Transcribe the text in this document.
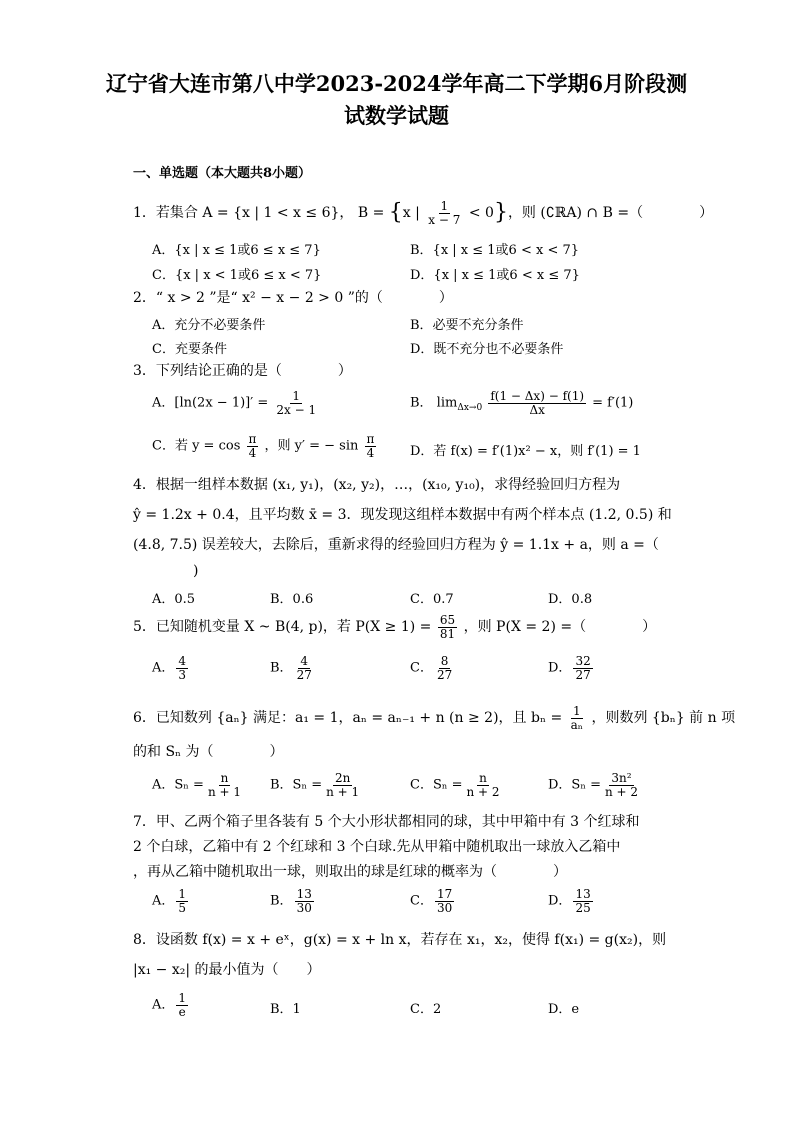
辽宁省大连市第八中学2023-2024学年高二下学期6月阶段测试数学试题
一、单选题（本大题共8小题）
1．若集合 A = {x | 1 < x ≤ 6}， B = {x | $\frac{1}{x - 7} < 0$}，则 (∁ℝA) ∩ B =（　　　　）
A．{x | x ≤ 1或6 ≤ x ≤ 7}	B．{x | x ≤ 1或6 < x < 7}
C．{x | x < 1或6 ≤ x < 7}	D．{x | x ≤ 1或6 < x ≤ 7}
2．“ x > 2 ”是“ x² − x − 2 > 0 ”的（　　　　）
A．充分不必要条件	B．必要不充分条件
C．充要条件	D．既不充分也不必要条件
3．下列结论正确的是（　　　　）
A．$[\ln(2x - 1)]' = \frac{1}{2x - 1}$	B． $\lim_{\Delta x\to 0} \frac{f(1 - \Delta x) - f(1)}{\Delta x} = f'(1)$
C．若 $y = \cos \frac{\pi}{4}$ ，则 y′ = − $\sin \frac{\pi}{4}$	D．若 f(x) = f′(1)x² − x，则 f′(1) = 1
4．根据一组样本数据 (x₁, y₁)，(x₂, y₂)，…，(x₁₀, y₁₀)，求得经验回归方程为
ŷ = 1.2x + 0.4，且平均数 x̄ = 3．现发现这组样本数据中有两个样本点 (1.2, 0.5) 和
(4.8, 7.5) 误差较大，去除后，重新求得的经验回归方程为 ŷ = 1.1x + a，则 a =（
)
A．0.5	B．0.6	C．0.7	D．0.8
5．已知随机变量 X ~ B(4, p)，若 $P(X \ge 1) = \frac{65}{81}$ ，则 P(X = 2) =（　　　　）
A． $\frac{4}{3}$	B． $\frac{4}{27}$	C． $\frac{8}{27}$	D． $\frac{32}{27}$
6．已知数列 {aₙ} 满足：a₁ = 1，aₙ = aₙ₋₁ + n (n ≥ 2)，且 $b_n = \frac{1}{\text{aₙ}}$ ，则数列 {bₙ} 前 n 项
的和 Sₙ 为（　　　　）
A．$S_n = \frac{n}{n + 1}$ B．$S_n = \frac{2n}{n + 1}$	C．$S_n = \frac{n}{n + 2}$	D．$S_n = \frac{\text{3n²}}{n + 2}$
7．甲、乙两个箱子里各装有 5 个大小形状都相同的球，其中甲箱中有 3 个红球和
2 个白球，乙箱中有 2 个红球和 3 个白球.先从甲箱中随机取出一球放入乙箱中
，再从乙箱中随机取出一球，则取出的球是红球的概率为（　　　　）
A． $\frac{1}{5}$	B． $\frac{13}{30}$	C． $\frac{17}{30}$	D． $\frac{13}{25}$
8．设函数 f(x) = x + eˣ，g(x) = x + ln x，若存在 x₁，x₂，使得 f(x₁) = g(x₂)，则
|x₁ − x₂| 的最小值为（　　）
A． $\frac{1}{e}$	B．1	C．2	D．e
